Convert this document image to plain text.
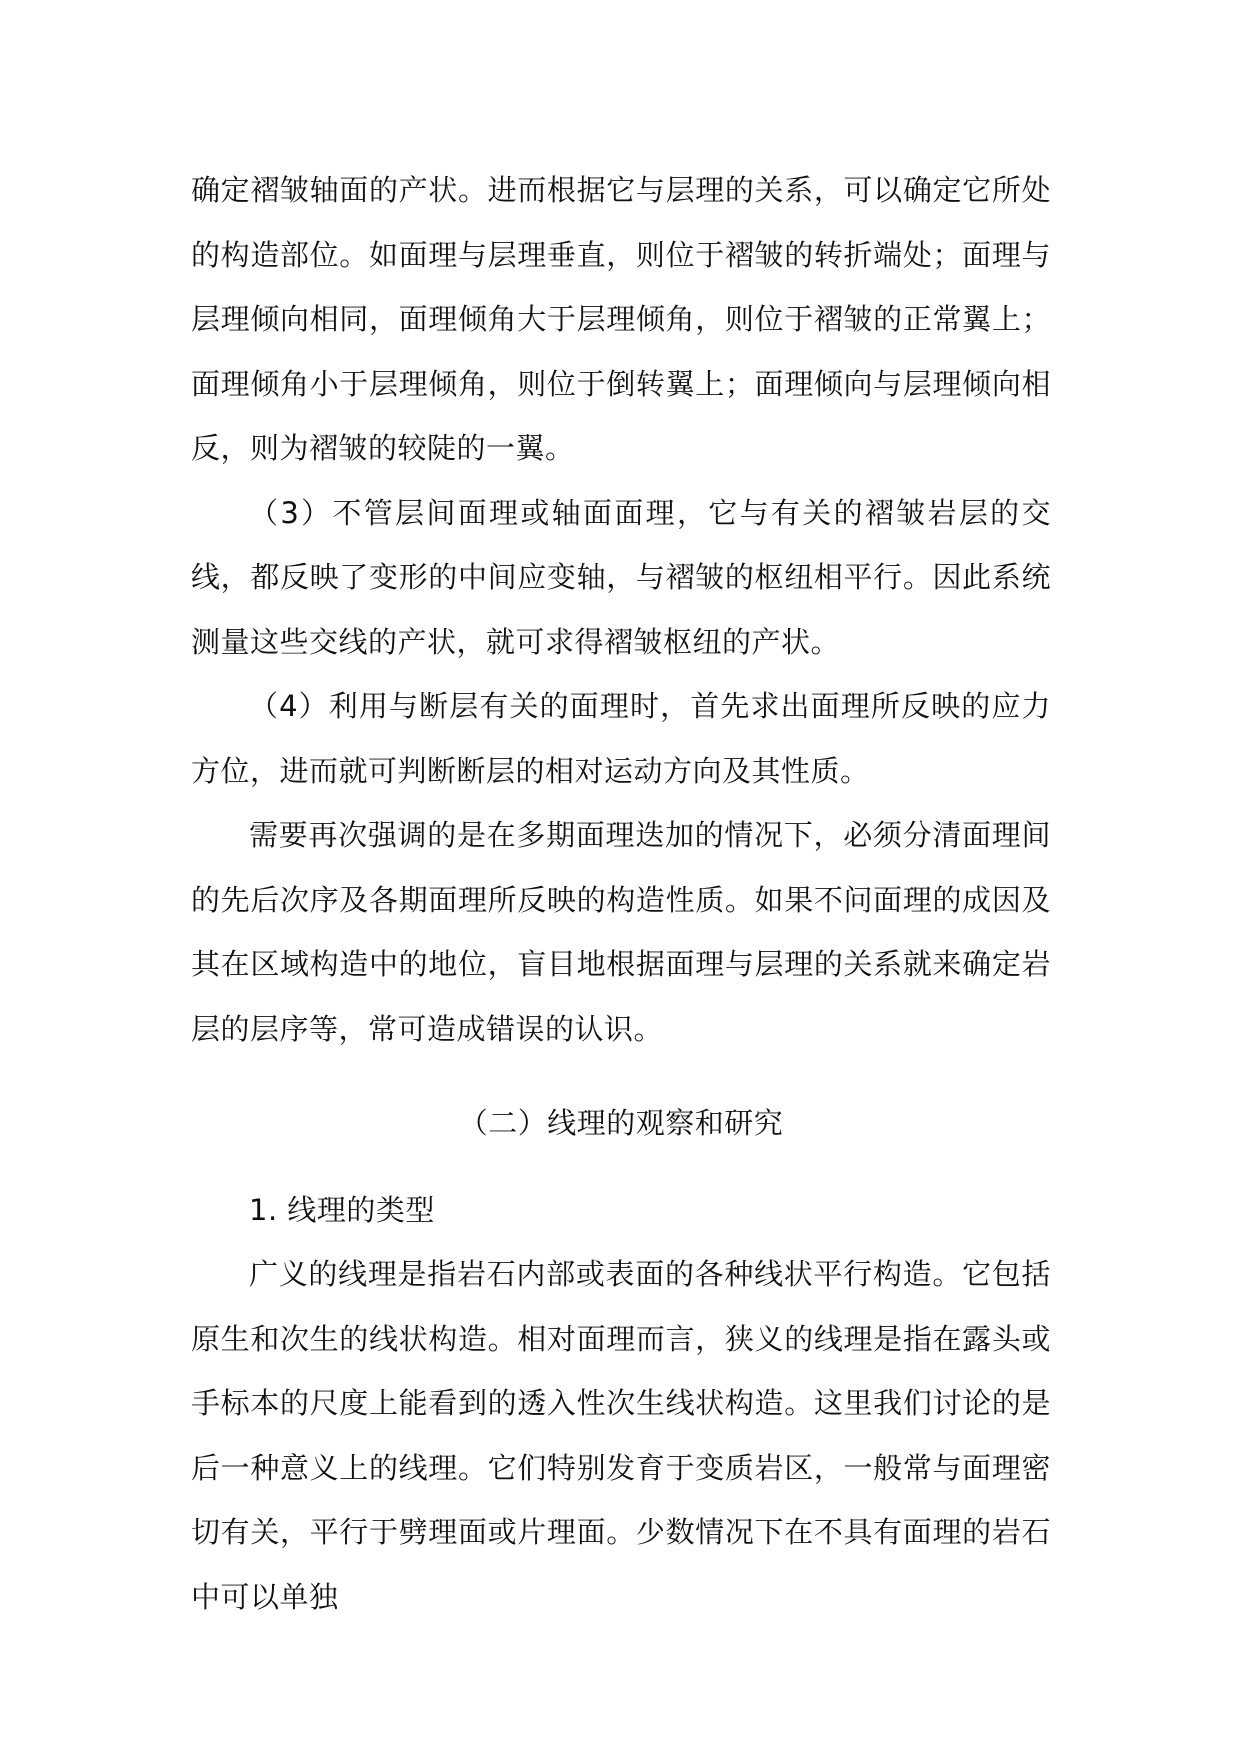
确定褶皱轴面的产状。进而根据它与层理的关系，可以确定它所处的构造部位。如面理与层理垂直，则位于褶皱的转折端处；面理与层理倾向相同，面理倾角大于层理倾角，则位于褶皱的正常翼上；面理倾角小于层理倾角，则位于倒转翼上；面理倾向与层理倾向相反，则为褶皱的较陡的一翼。

（3）不管层间面理或轴面面理，它与有关的褶皱岩层的交线，都反映了变形的中间应变轴，与褶皱的枢纽相平行。因此系统测量这些交线的产状，就可求得褶皱枢纽的产状。

（4）利用与断层有关的面理时，首先求出面理所反映的应力方位，进而就可判断断层的相对运动方向及其性质。

需要再次强调的是在多期面理迭加的情况下，必须分清面理间的先后次序及各期面理所反映的构造性质。如果不问面理的成因及其在区域构造中的地位，盲目地根据面理与层理的关系就来确定岩层的层序等，常可造成错误的认识。

（二）线理的观察和研究

1. 线理的类型

广义的线理是指岩石内部或表面的各种线状平行构造。它包括原生和次生的线状构造。相对面理而言，狭义的线理是指在露头或手标本的尺度上能看到的透入性次生线状构造。这里我们讨论的是后一种意义上的线理。它们特别发育于变质岩区，一般常与面理密切有关，平行于劈理面或片理面。少数情况下在不具有面理的岩石中可以单独
